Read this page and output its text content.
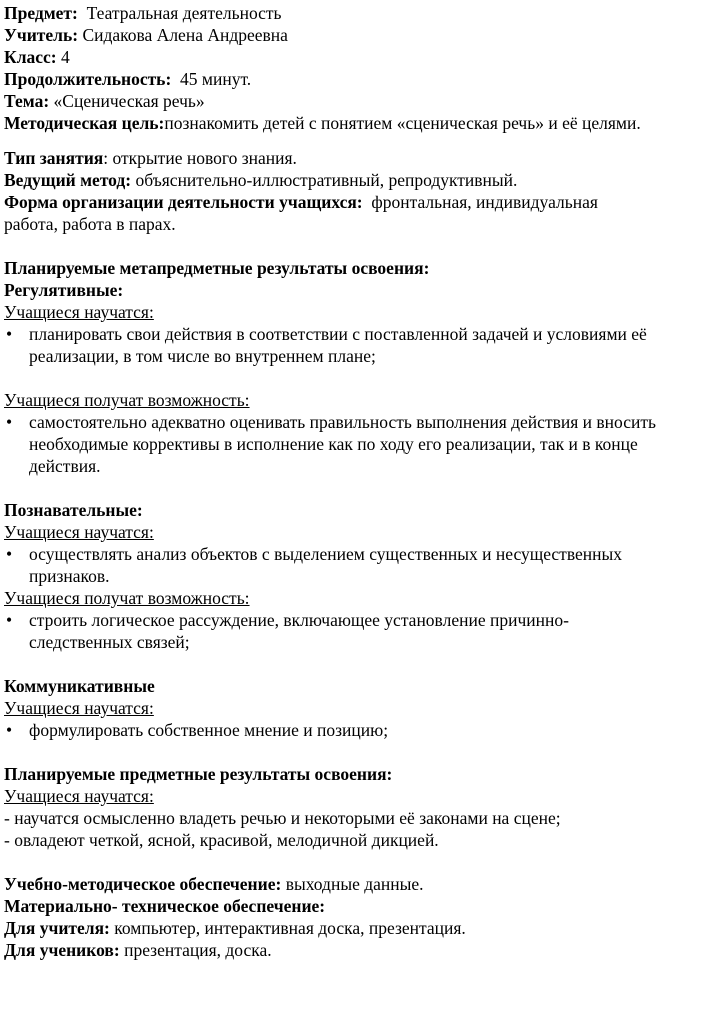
Предмет: Театральная деятельность
Учитель: Сидакова Алена Андреевна
Класс: 4
Продолжительность: 45 минут.
Тема: «Сценическая речь»
Методическая цель:познакомить детей с понятием «сценическая речь» и её целями.
Тип занятия: открытие нового знания.
Ведущий метод: объяснительно-иллюстративный, репродуктивный.
Форма организации деятельности учащихся: фронтальная, индивидуальная
работа, работа в парах.
Планируемые метапредметные результаты освоения:
Регулятивные:
Учащиеся научатся:
• планировать свои действия в соответствии с поставленной задачей и условиями её
реализации, в том числе во внутреннем плане;
Учащиеся получат возможность:
• самостоятельно адекватно оценивать правильность выполнения действия и вносить
необходимые коррективы в исполнение как по ходу его реализации, так и в конце
действия.
Познавательные:
Учащиеся научатся:
• осуществлять анализ объектов с выделением существенных и несущественных
признаков.
Учащиеся получат возможность:
• строить логическое рассуждение, включающее установление причинно-
следственных связей;
Коммуникативные
Учащиеся научатся:
• формулировать собственное мнение и позицию;
Планируемые предметные результаты освоения:
Учащиеся научатся:
- научатся осмысленно владеть речью и некоторыми её законами на сцене;
- овладеют четкой, ясной, красивой, мелодичной дикцией.
Учебно-методическое обеспечение: выходные данные.
Материально- техническое обеспечение:
Для учителя: компьютер, интерактивная доска, презентация.
Для учеников: презентация, доска.
